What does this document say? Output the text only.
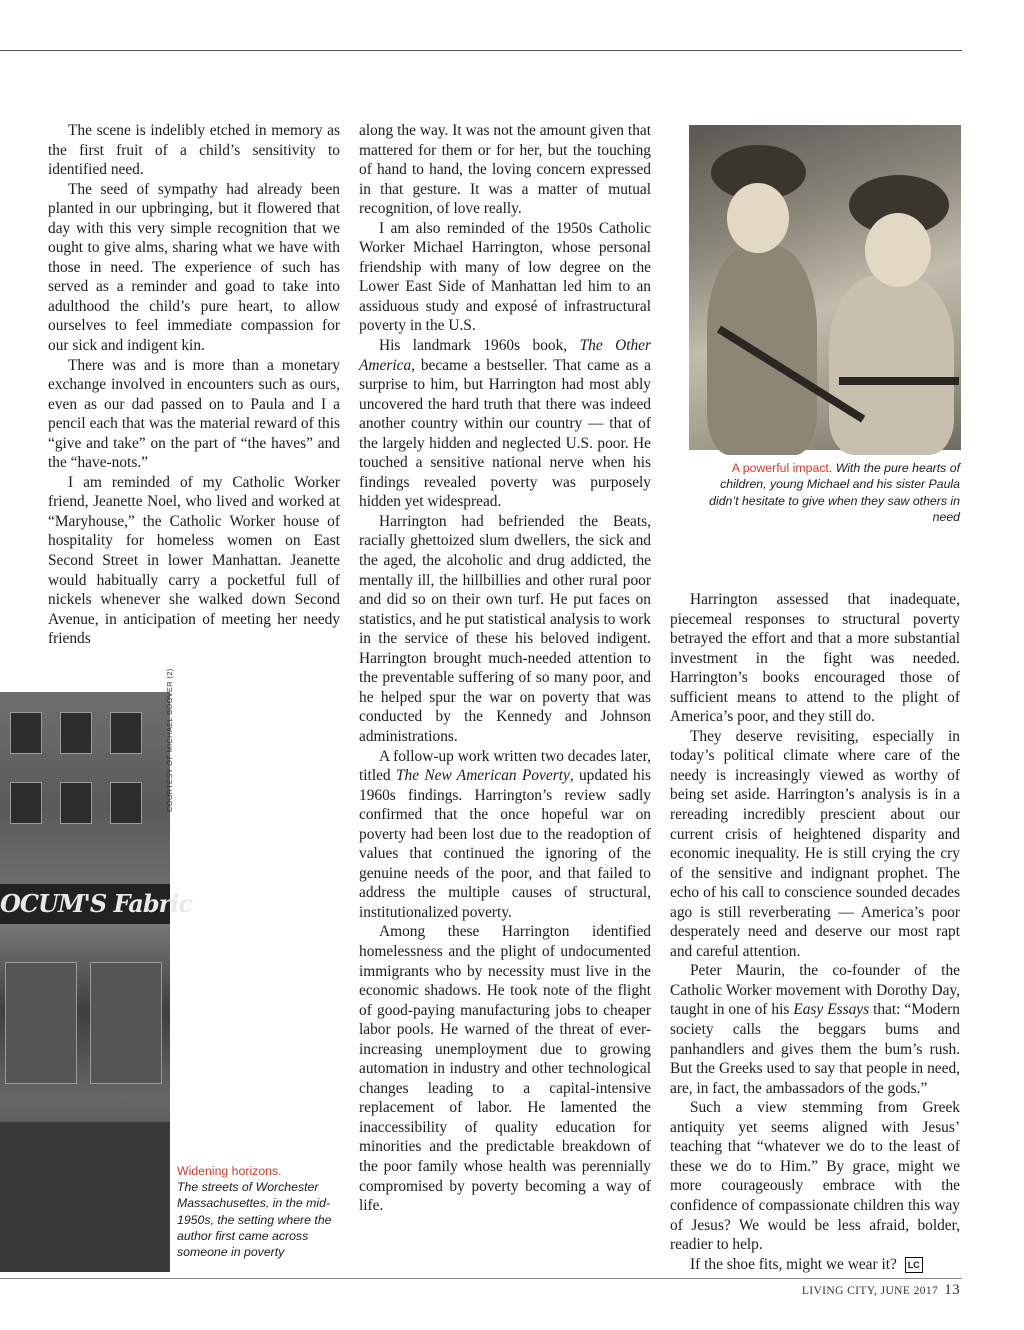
The scene is indelibly etched in memory as the first fruit of a child’s sensitivity to identified need.

The seed of sympathy had already been planted in our upbringing, but it flowered that day with this very simple recognition that we ought to give alms, sharing what we have with those in need. The experience of such has served as a reminder and goad to take into adulthood the child’s pure heart, to allow ourselves to feel immediate compassion for our sick and indigent kin.

There was and is more than a monetary exchange involved in encounters such as ours, even as our dad passed on to Paula and I a pencil each that was the material reward of this “give and take” on the part of “the haves” and the “have-nots.”

I am reminded of my Catholic Worker friend, Jeanette Noel, who lived and worked at “Maryhouse,” the Catholic Worker house of hospitality for homeless women on East Second Street in lower Manhattan. Jeanette would habitually carry a pocketful full of nickels whenever she walked down Second Avenue, in anticipation of meeting her needy friends

OCUM'S Fabric
COURTESY OF MICHAEL BOOVER (2)
Widening horizons.
The streets of Worchester Massachusettes, in the mid-1950s, the setting where the author first came across someone in poverty

along the way. It was not the amount given that mattered for them or for her, but the touching of hand to hand, the loving concern expressed in that gesture. It was a matter of mutual recognition, of love really.

I am also reminded of the 1950s Catholic Worker Michael Harrington, whose personal friendship with many of low degree on the Lower East Side of Manhattan led him to an assiduous study and exposé of infrastructural poverty in the U.S.

His landmark 1960s book, The Other America, became a bestseller. That came as a surprise to him, but Harrington had most ably uncovered the hard truth that there was indeed another country within our country — that of the largely hidden and neglected U.S. poor. He touched a sensitive national nerve when his findings revealed poverty was purposely hidden yet widespread.

Harrington had befriended the Beats, racially ghettoized slum dwellers, the sick and the aged, the alcoholic and drug addicted, the mentally ill, the hillbillies and other rural poor and did so on their own turf. He put faces on statistics, and he put statistical analysis to work in the service of these his beloved indigent. Harrington brought much-needed attention to the preventable suffering of so many poor, and he helped spur the war on poverty that was conducted by the Kennedy and Johnson administrations.

A follow-up work written two decades later, titled The New American Poverty, updated his 1960s findings. Harrington’s review sadly confirmed that the once hopeful war on poverty had been lost due to the readoption of values that continued the ignoring of the genuine needs of the poor, and that failed to address the multiple causes of structural, institutionalized poverty.

Among these Harrington identified homelessness and the plight of undocumented immigrants who by necessity must live in the economic shadows. He took note of the flight of good-paying manufacturing jobs to cheaper labor pools. He warned of the threat of ever-increasing unemployment due to growing automation in industry and other technological changes leading to a capital-intensive replacement of labor. He lamented the inaccessibility of quality education for minorities and the predictable breakdown of the poor family whose health was perennially compromised by poverty becoming a way of life.

A powerful impact. With the pure hearts of children, young Michael and his sister Paula didn’t hesitate to give when they saw others in need

Harrington assessed that inadequate, piecemeal responses to structural poverty betrayed the effort and that a more substantial investment in the fight was needed. Harrington’s books encouraged those of sufficient means to attend to the plight of America’s poor, and they still do.

They deserve revisiting, especially in today’s political climate where care of the needy is increasingly viewed as worthy of being set aside. Harrington’s analysis is in a rereading incredibly prescient about our current crisis of heightened disparity and economic inequality. He is still crying the cry of the sensitive and indignant prophet. The echo of his call to conscience sounded decades ago is still reverberating — America’s poor desperately need and deserve our most rapt and careful attention.

Peter Maurin, the co-founder of the Catholic Worker movement with Dorothy Day, taught in one of his Easy Essays that: “Modern society calls the beggars bums and panhandlers and gives them the bum’s rush. But the Greeks used to say that people in need, are, in fact, the ambassadors of the gods.”

Such a view stemming from Greek antiquity yet seems aligned with Jesus’ teaching that “whatever we do to the least of these we do to Him.” By grace, might we more courageously embrace with the confidence of compassionate children this way of Jesus? We would be less afraid, bolder, readier to help.

If the shoe fits, might we wear it? LC

LIVING CITY, JUNE 2017 13
